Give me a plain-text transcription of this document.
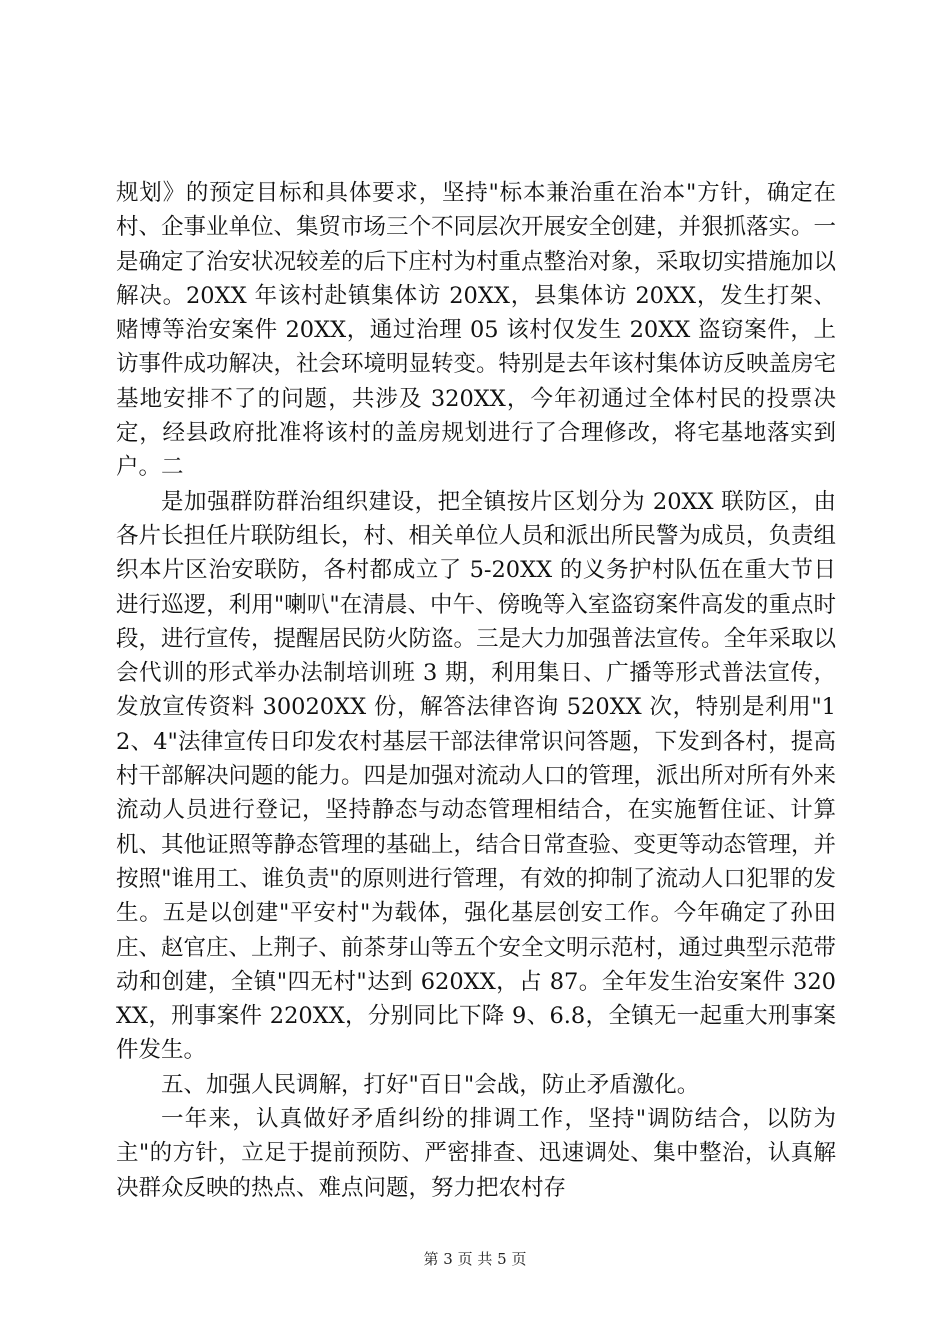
规划》的预定目标和具体要求，坚持"标本兼治重在治本"方针，确定在村、企事业单位、集贸市场三个不同层次开展安全创建，并狠抓落实。一是确定了治安状况较差的后下庄村为村重点整治对象，采取切实措施加以解决。20XX 年该村赴镇集体访 20XX，县集体访 20XX，发生打架、赌博等治安案件 20XX，通过治理 05 该村仅发生 20XX 盗窃案件，上访事件成功解决，社会环境明显转变。特别是去年该村集体访反映盖房宅基地安排不了的问题，共涉及 320XX，今年初通过全体村民的投票决定，经县政府批准将该村的盖房规划进行了合理修改，将宅基地落实到户。二

是加强群防群治组织建设，把全镇按片区划分为 20XX 联防区，由各片长担任片联防组长，村、相关单位人员和派出所民警为成员，负责组织本片区治安联防，各村都成立了 5-20XX 的义务护村队伍在重大节日进行巡逻，利用"喇叭"在清晨、中午、傍晚等入室盗窃案件高发的重点时段，进行宣传，提醒居民防火防盗。三是大力加强普法宣传。全年采取以会代训的形式举办法制培训班 3 期，利用集日、广播等形式普法宣传，发放宣传资料 30020XX 份，解答法律咨询 520XX 次，特别是利用"12、4"法律宣传日印发农村基层干部法律常识问答题，下发到各村，提高村干部解决问题的能力。四是加强对流动人口的管理，派出所对所有外来流动人员进行登记，坚持静态与动态管理相结合，在实施暂住证、计算机、其他证照等静态管理的基础上，结合日常查验、变更等动态管理，并按照"谁用工、谁负责"的原则进行管理，有效的抑制了流动人口犯罪的发生。五是以创建"平安村"为载体，强化基层创安工作。今年确定了孙田庄、赵官庄、上荆子、前茶芽山等五个安全文明示范村，通过典型示范带动和创建，全镇"四无村"达到 620XX，占 87。全年发生治安案件 320XX，刑事案件 220XX，分别同比下降 9、6.8，全镇无一起重大刑事案件发生。

五、加强人民调解，打好"百日"会战，防止矛盾激化。

一年来，认真做好矛盾纠纷的排调工作，坚持"调防结合，以防为主"的方针，立足于提前预防、严密排查、迅速调处、集中整治，认真解决群众反映的热点、难点问题，努力把农村存

第 3 页 共 5 页
